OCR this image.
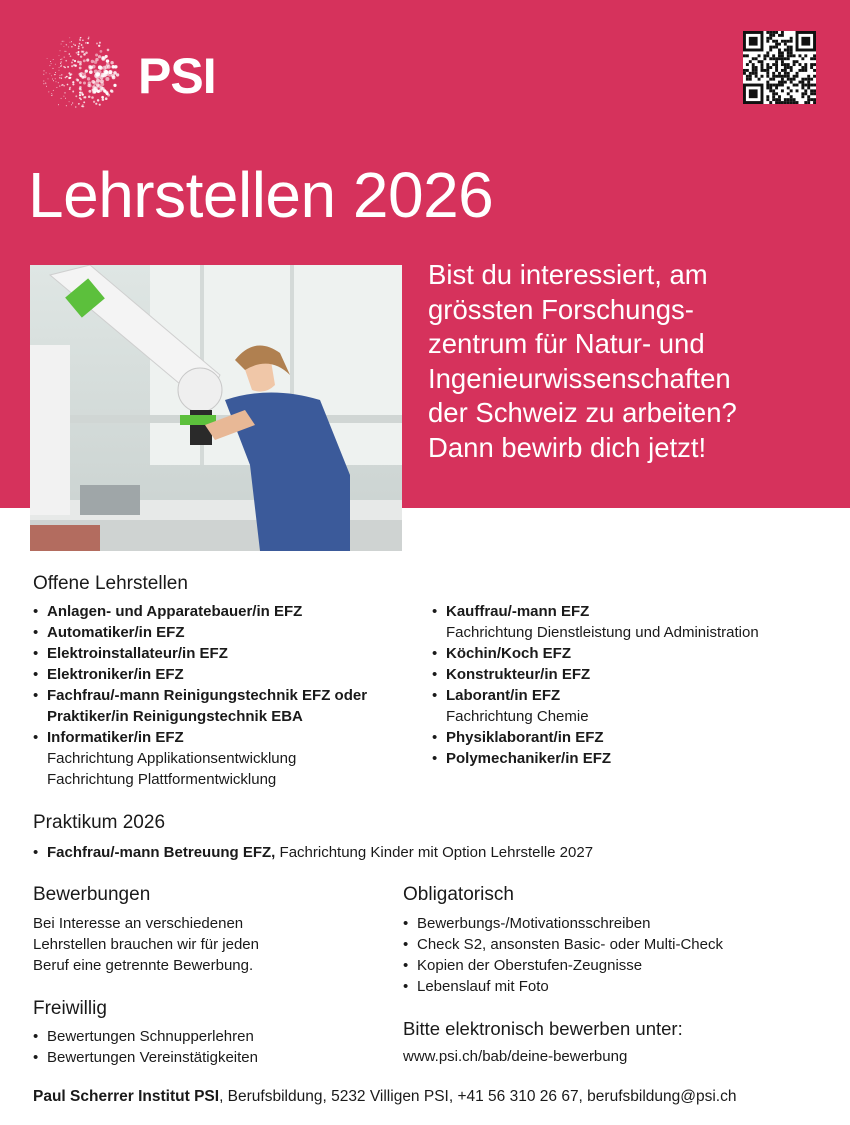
PSI
Lehrstellen 2026
Bist du interessiert, am
grössten Forschungs-
zentrum für Natur- und
Ingenieurwissenschaften
der Schweiz zu arbeiten?
Dann bewirb dich jetzt!
Offene Lehrstellen
• Anlagen- und Apparatebauer/in EFZ
• Automatiker/in EFZ
• Elektroinstallateur/in EFZ
• Elektroniker/in EFZ
• Fachfrau/-mann Reinigungstechnik EFZ oder
Praktiker/in Reinigungstechnik EBA
• Informatiker/in EFZ
Fachrichtung Applikationsentwicklung
Fachrichtung Plattformentwicklung
• Kauffrau/-mann EFZ
Fachrichtung Dienstleistung und Administration
• Köchin/Koch EFZ
• Konstrukteur/in EFZ
• Laborant/in EFZ
Fachrichtung Chemie
• Physiklaborant/in EFZ
• Polymechaniker/in EFZ
Praktikum 2026
• Fachfrau/-mann Betreuung EFZ, Fachrichtung Kinder mit Option Lehrstelle 2027
Bewerbungen
Bei Interesse an verschiedenen
Lehrstellen brauchen wir für jeden
Beruf eine getrennte Bewerbung.
Freiwillig
• Bewertungen Schnupperlehren
• Bewertungen Vereinstätigkeiten
Obligatorisch
• Bewerbungs-/Motivationsschreiben
• Check S2, ansonsten Basic- oder Multi-Check
• Kopien der Oberstufen-Zeugnisse
• Lebenslauf mit Foto
Bitte elektronisch bewerben unter:
www.psi.ch/bab/deine-bewerbung
Paul Scherrer Institut PSI, Berufsbildung, 5232 Villigen PSI, +41 56 310 26 67, berufsbildung@psi.ch
